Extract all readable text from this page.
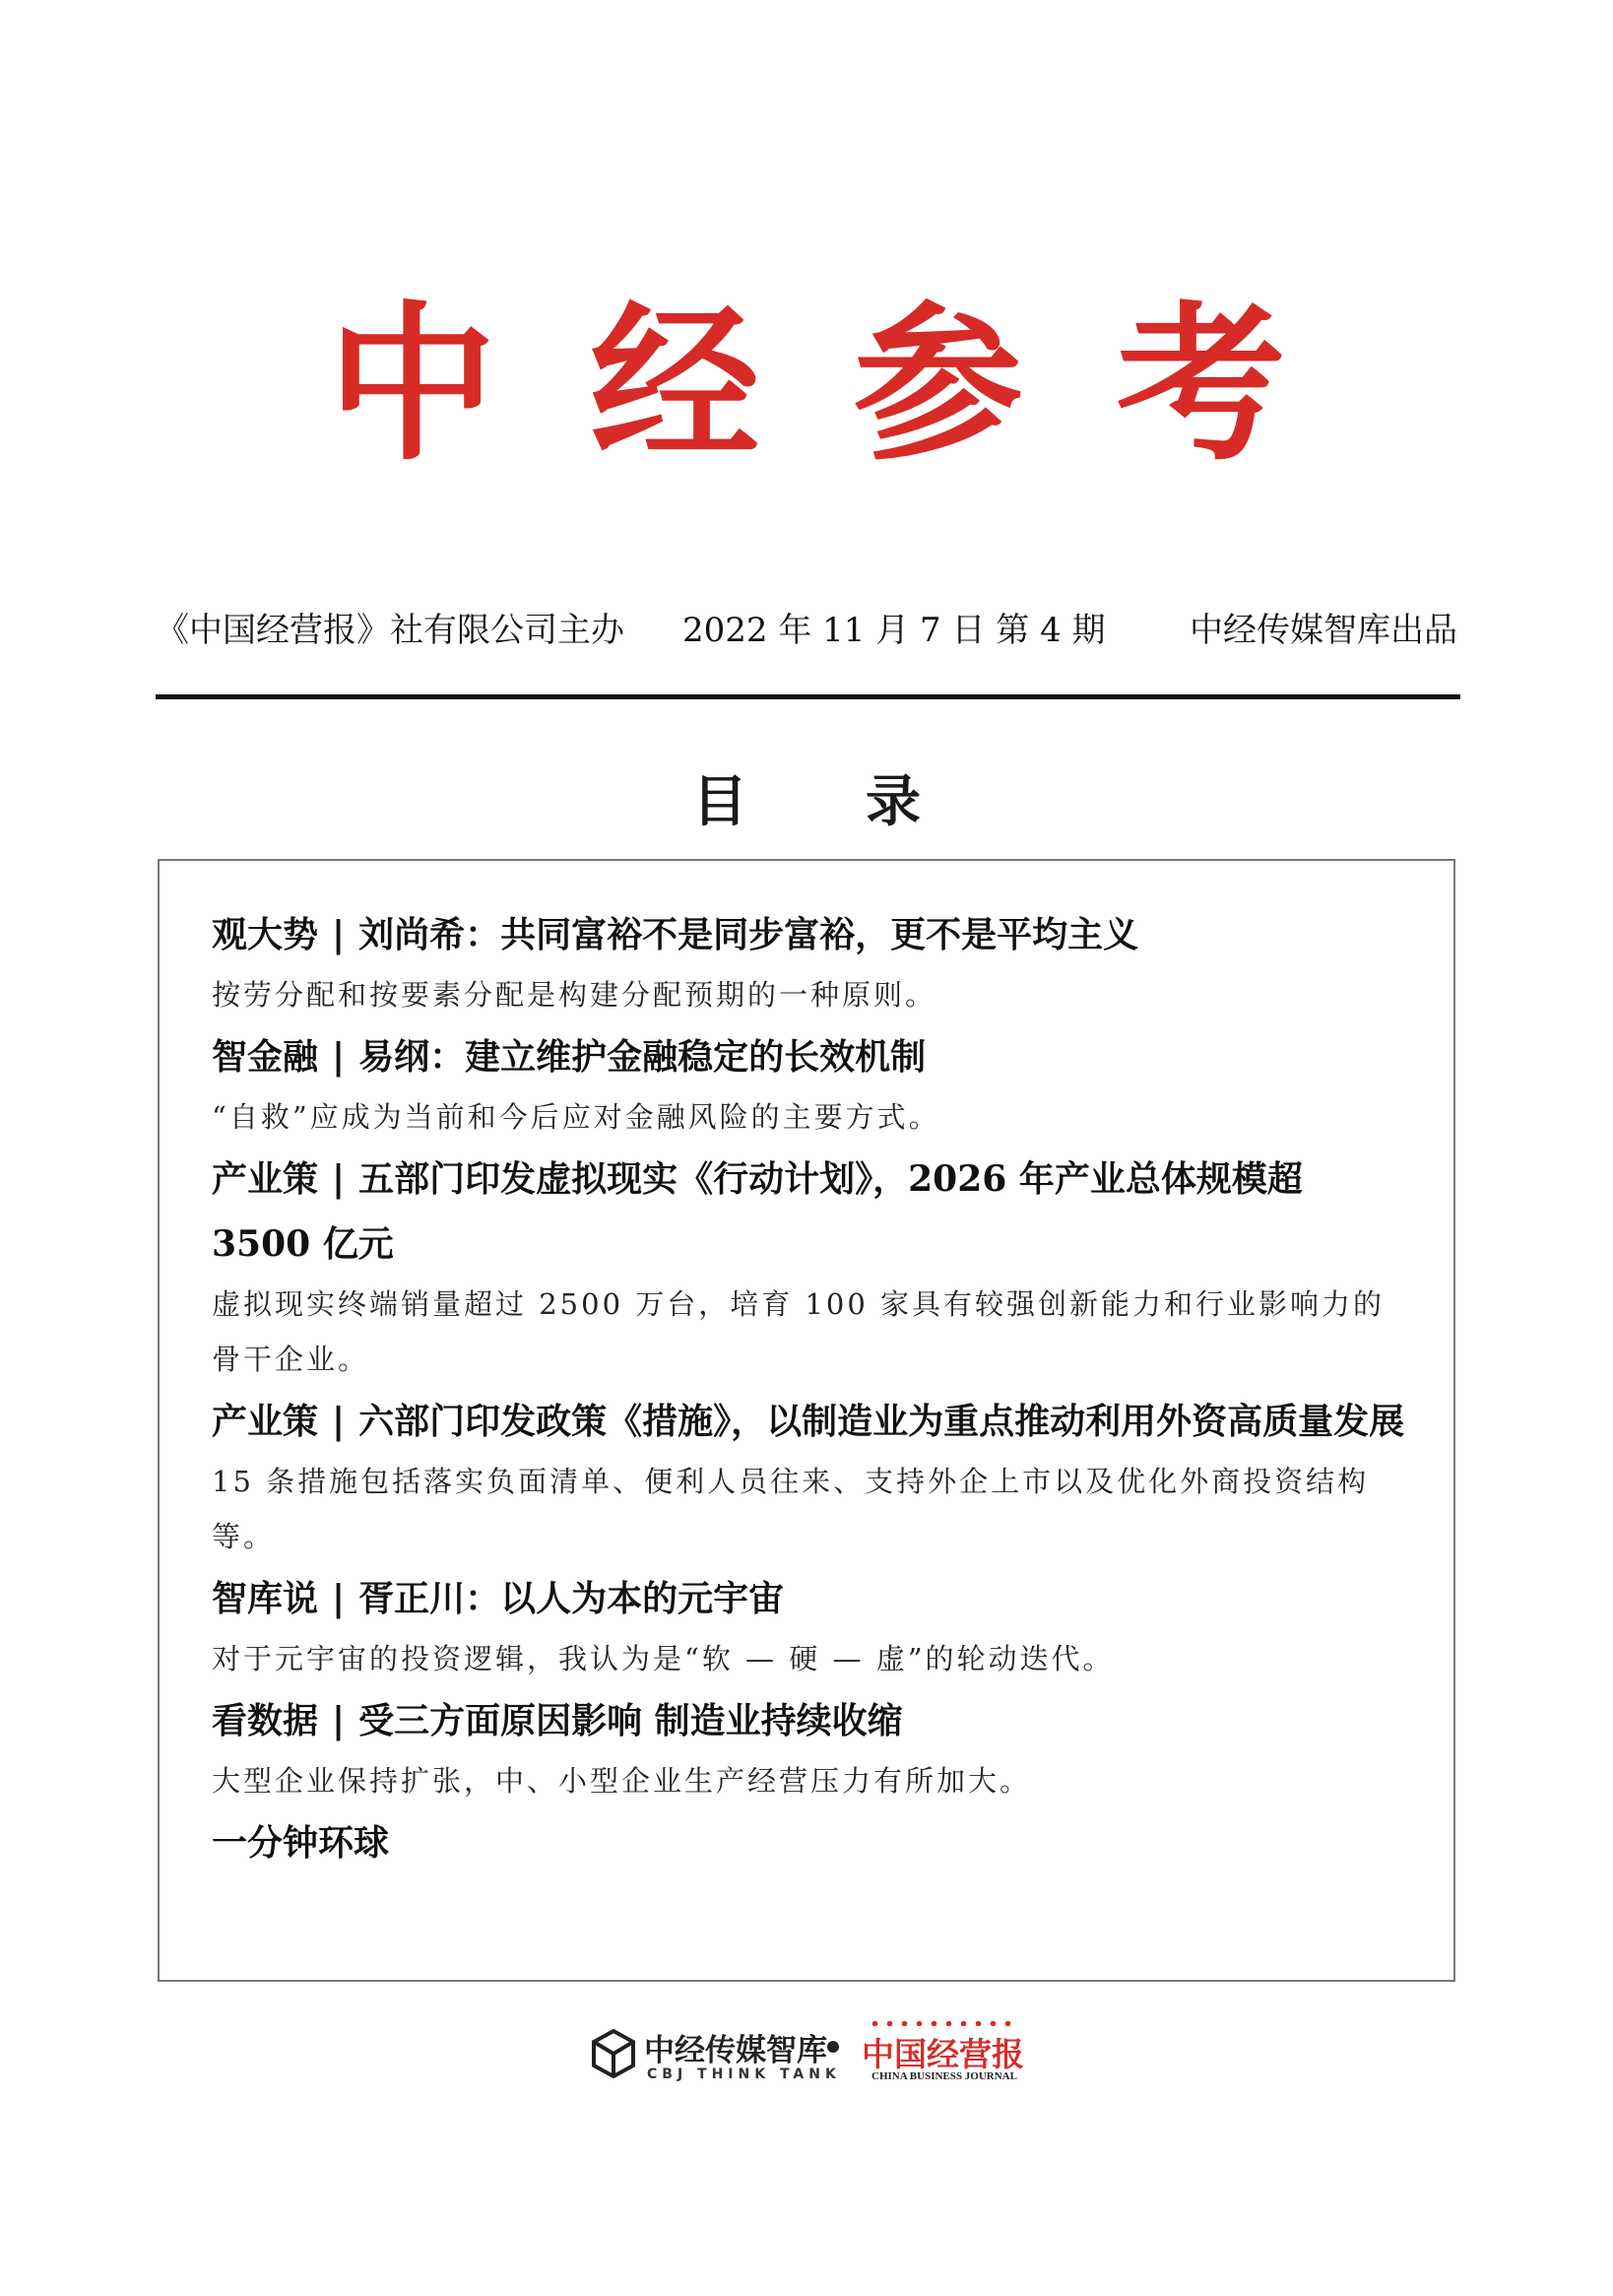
中 经 参 考
《中国经营报》社有限公司主办 2022 年 11 月 7 日 第 4 期	中经传媒智库出品
目录
观大势 | 刘尚希：共同富裕不是同步富裕，更不是平均主义
按劳分配和按要素分配是构建分配预期的一种原则。
智金融 | 易纲：建立维护金融稳定的长效机制
“自救”应成为当前和今后应对金融风险的主要方式。
产业策 | 五部门印发虚拟现实《行动计划》，2026 年产业总体规模超 3500 亿元
虚拟现实终端销量超过 2500 万台，培育 100 家具有较强创新能力和行业影响力的骨干企业。
产业策 | 六部门印发政策《措施》，以制造业为重点推动利用外资高质量发展
15 条措施包括落实负面清单、便利人员往来、支持外企上市以及优化外商投资结构等。
智库说 | 胥正川：以人为本的元宇宙
对于元宇宙的投资逻辑，我认为是“软 — 硬 — 虚”的轮动迭代。
看数据 | 受三方面原因影响 制造业持续收缩
大型企业保持扩张，中、小型企业生产经营压力有所加大。
一分钟环球
中经传媒智库
CBJ THINK TANK
中国经营报
CHINA BUSINESS JOURNAL
